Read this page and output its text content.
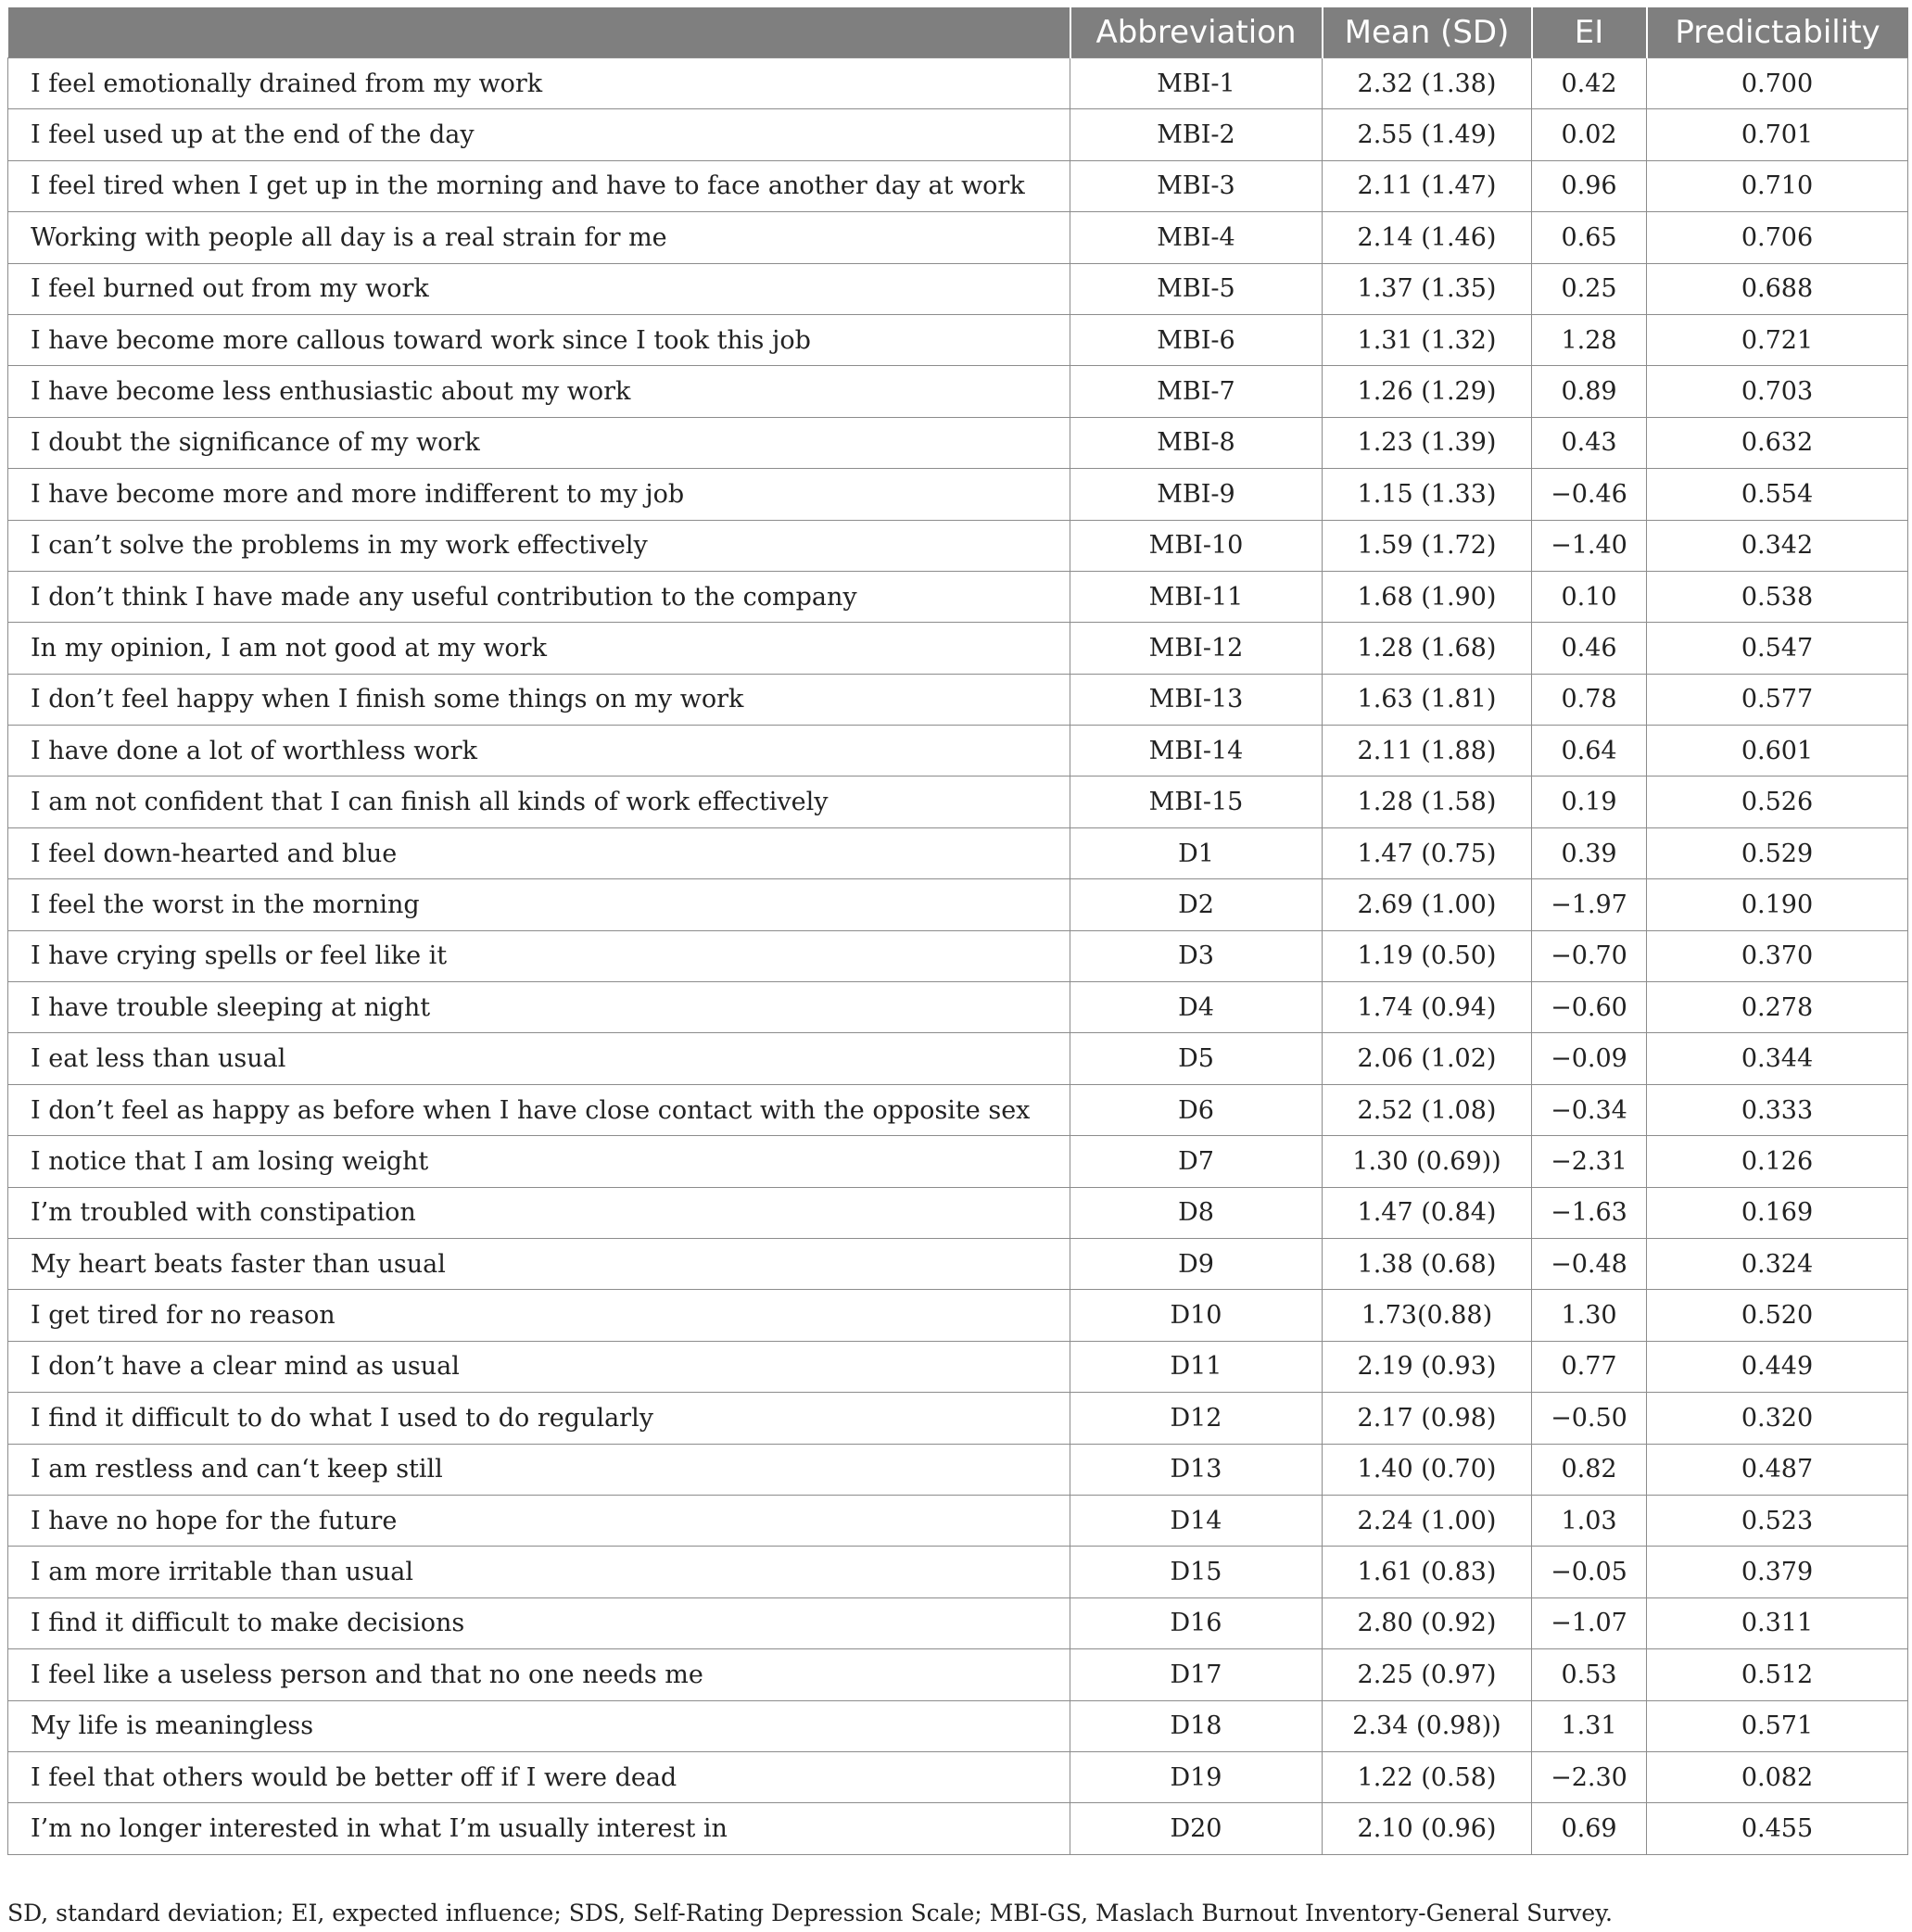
	Abbreviation	Mean (SD)	EI	Predictability
I feel emotionally drained from my work	MBI-1	2.32 (1.38)	0.42	0.700
I feel used up at the end of the day	MBI-2	2.55 (1.49)	0.02	0.701
I feel tired when I get up in the morning and have to face another day at work	MBI-3	2.11 (1.47)	0.96	0.710
Working with people all day is a real strain for me	MBI-4	2.14 (1.46)	0.65	0.706
I feel burned out from my work	MBI-5	1.37 (1.35)	0.25	0.688
I have become more callous toward work since I took this job	MBI-6	1.31 (1.32)	1.28	0.721
I have become less enthusiastic about my work	MBI-7	1.26 (1.29)	0.89	0.703
I doubt the significance of my work	MBI-8	1.23 (1.39)	0.43	0.632
I have become more and more indifferent to my job	MBI-9	1.15 (1.33)	−0.46	0.554
I can’t solve the problems in my work effectively	MBI-10	1.59 (1.72)	−1.40	0.342
I don’t think I have made any useful contribution to the company	MBI-11	1.68 (1.90)	0.10	0.538
In my opinion, I am not good at my work	MBI-12	1.28 (1.68)	0.46	0.547
I don’t feel happy when I finish some things on my work	MBI-13	1.63 (1.81)	0.78	0.577
I have done a lot of worthless work	MBI-14	2.11 (1.88)	0.64	0.601
I am not confident that I can finish all kinds of work effectively	MBI-15	1.28 (1.58)	0.19	0.526
I feel down-hearted and blue	D1	1.47 (0.75)	0.39	0.529
I feel the worst in the morning	D2	2.69 (1.00)	−1.97	0.190
I have crying spells or feel like it	D3	1.19 (0.50)	−0.70	0.370
I have trouble sleeping at night	D4	1.74 (0.94)	−0.60	0.278
I eat less than usual	D5	2.06 (1.02)	−0.09	0.344
I don’t feel as happy as before when I have close contact with the opposite sex	D6	2.52 (1.08)	−0.34	0.333
I notice that I am losing weight	D7	1.30 (0.69))	−2.31	0.126
I’m troubled with constipation	D8	1.47 (0.84)	−1.63	0.169
My heart beats faster than usual	D9	1.38 (0.68)	−0.48	0.324
I get tired for no reason	D10	1.73(0.88)	1.30	0.520
I don’t have a clear mind as usual	D11	2.19 (0.93)	0.77	0.449
I find it difficult to do what I used to do regularly	D12	2.17 (0.98)	−0.50	0.320
I am restless and can‘t keep still	D13	1.40 (0.70)	0.82	0.487
I have no hope for the future	D14	2.24 (1.00)	1.03	0.523
I am more irritable than usual	D15	1.61 (0.83)	−0.05	0.379
I find it difficult to make decisions	D16	2.80 (0.92)	−1.07	0.311
I feel like a useless person and that no one needs me	D17	2.25 (0.97)	0.53	0.512
My life is meaningless	D18	2.34 (0.98))	1.31	0.571
I feel that others would be better off if I were dead	D19	1.22 (0.58)	−2.30	0.082
I’m no longer interested in what I’m usually interest in	D20	2.10 (0.96)	0.69	0.455
SD, standard deviation; EI, expected influence; SDS, Self-Rating Depression Scale; MBI-GS, Maslach Burnout Inventory-General Survey.
